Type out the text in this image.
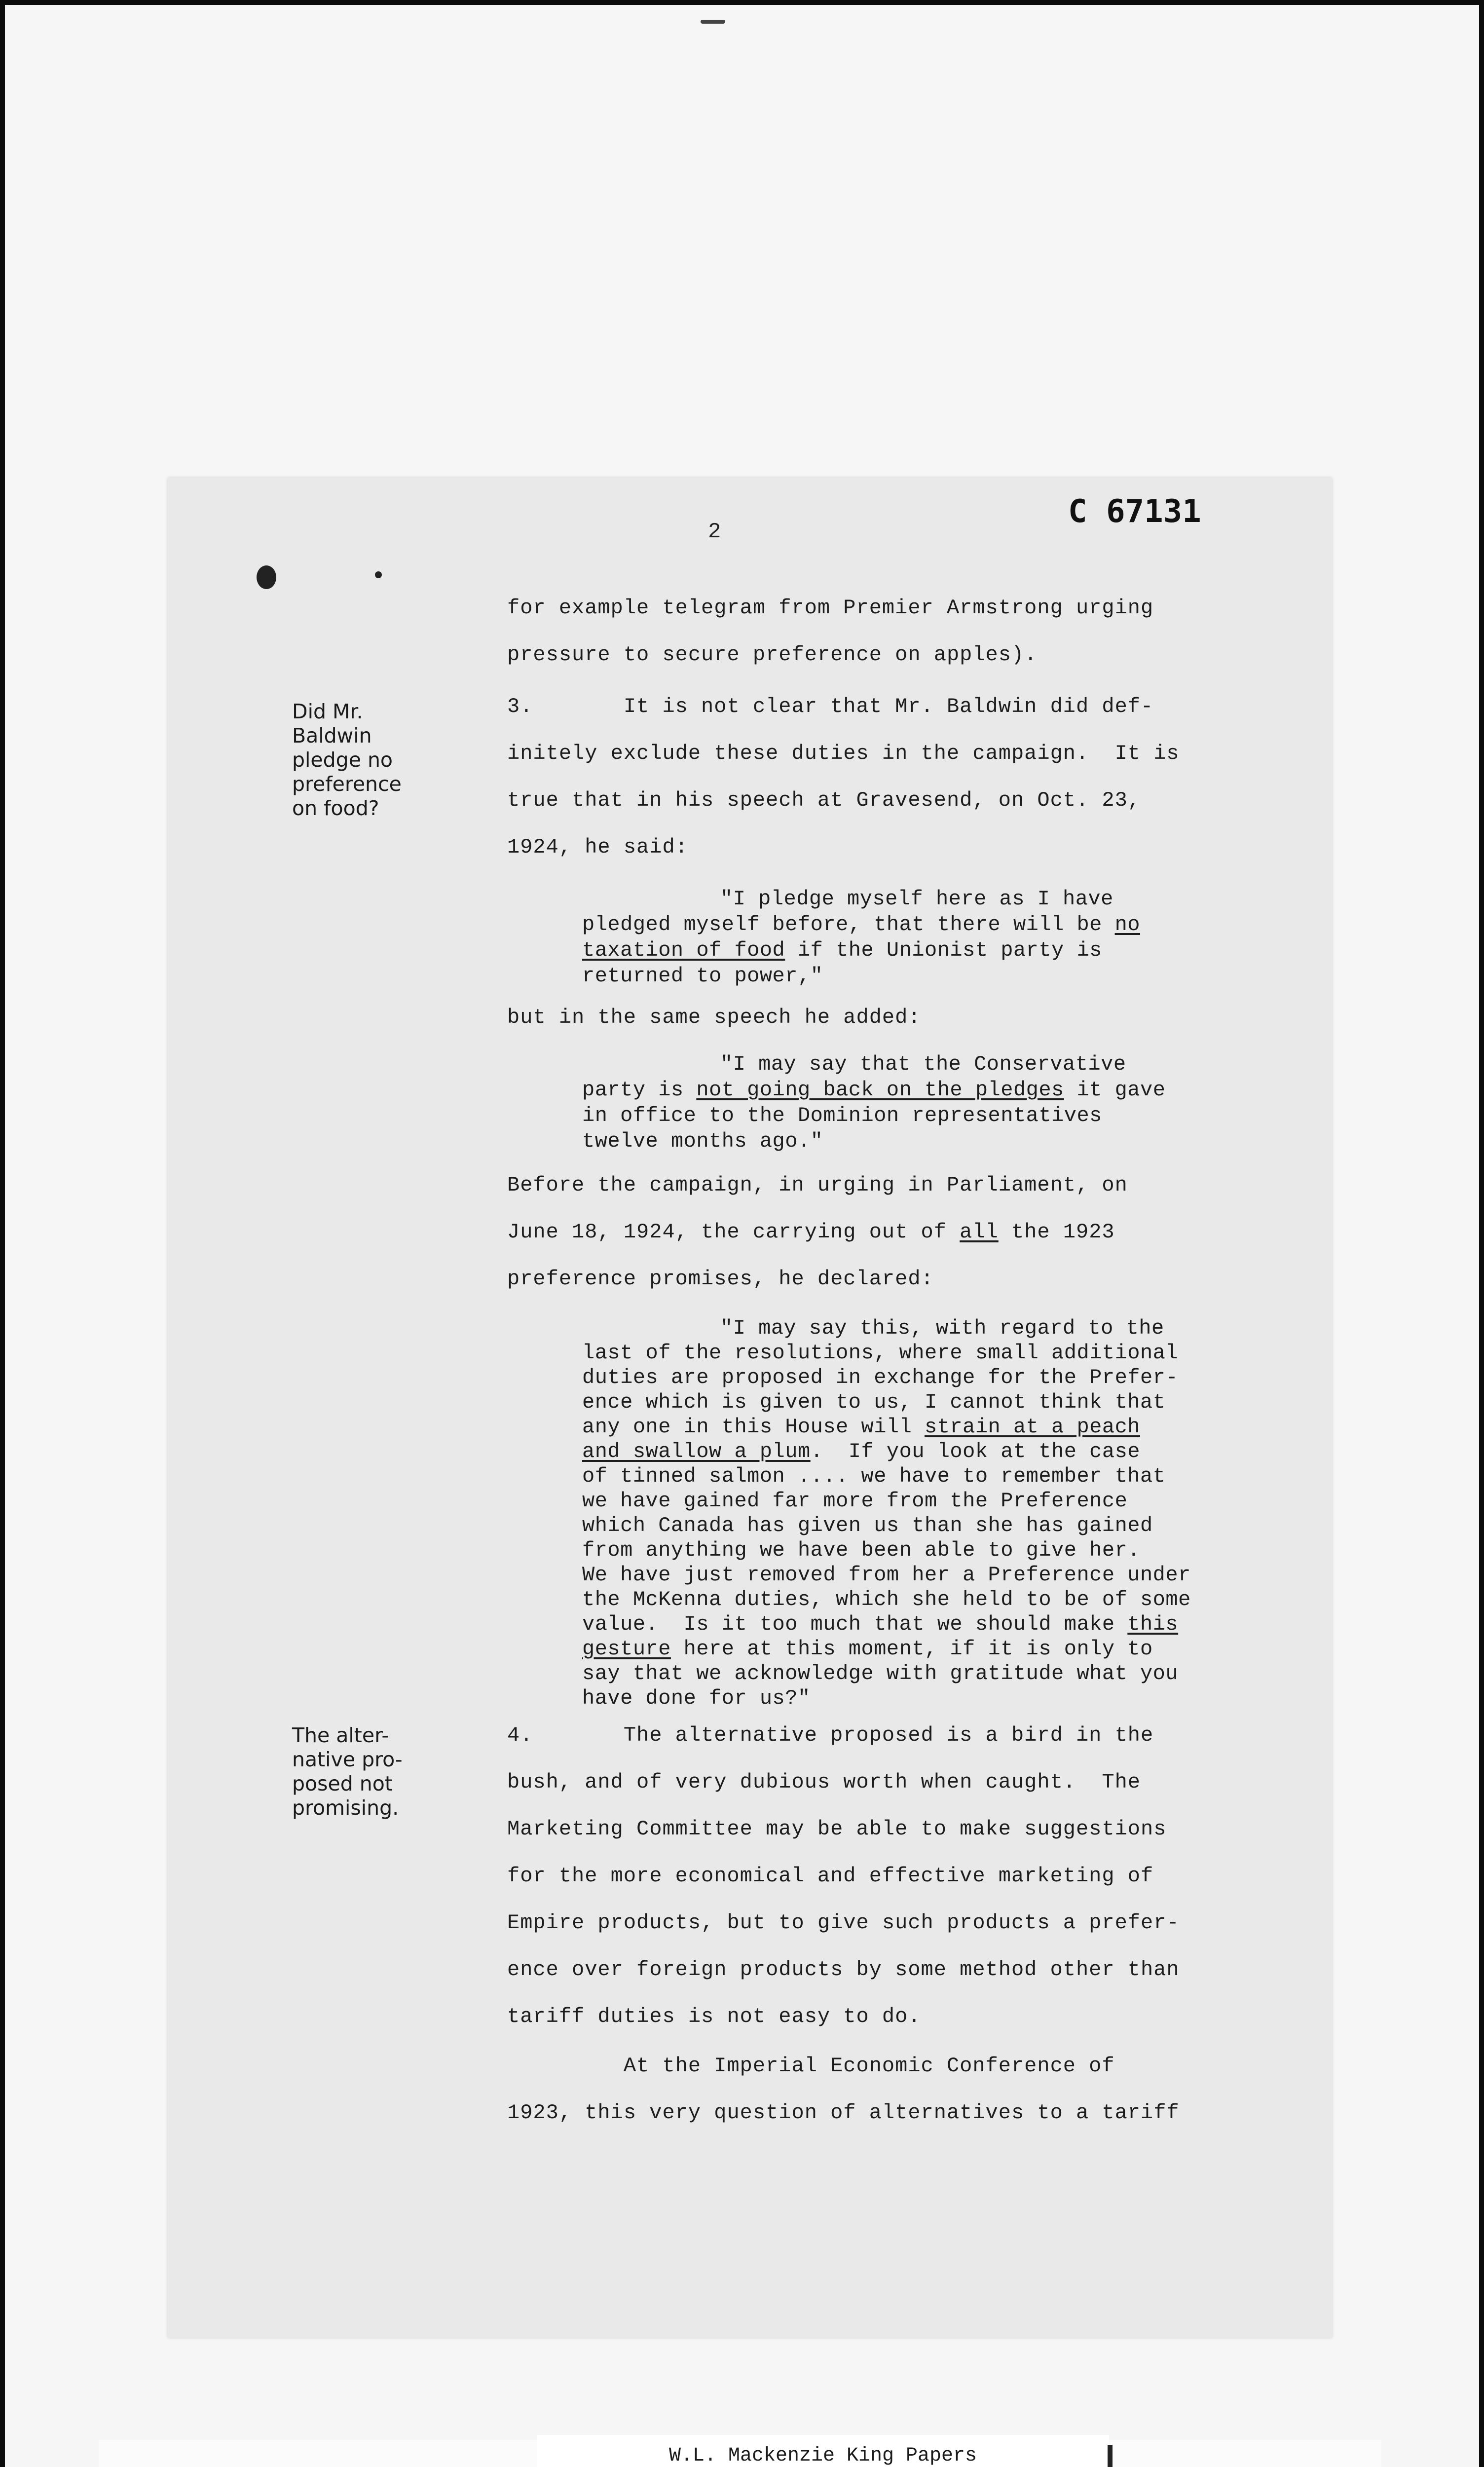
C 67131
2
Did Mr.
Baldwin
pledge no
preference
on food?
The alter-
native pro-
posed not
promising.
for example telegram from Premier Armstrong urging
pressure to secure preference on apples).
3.       It is not clear that Mr. Baldwin did def-
initely exclude these duties in the campaign.  It is
true that in his speech at Gravesend, on Oct. 23,
1924, he said:
"I pledge myself here as I have
pledged myself before, that there will be no
taxation of food if the Unionist party is
returned to power,"
but in the same speech he added:
"I may say that the Conservative
party is not going back on the pledges it gave
in office to the Dominion representatives
twelve months ago."
Before the campaign, in urging in Parliament, on
June 18, 1924, the carrying out of all the 1923
preference promises, he declared:
"I may say this, with regard to the
last of the resolutions, where small additional
duties are proposed in exchange for the Prefer-
ence which is given to us, I cannot think that
any one in this House will strain at a peach
and swallow a plum.  If you look at the case
of tinned salmon .... we have to remember that
we have gained far more from the Preference
which Canada has given us than she has gained
from anything we have been able to give her.
We have just removed from her a Preference under
the McKenna duties, which she held to be of some
value.  Is it too much that we should make this
gesture here at this moment, if it is only to
say that we acknowledge with gratitude what you
have done for us?"
4.       The alternative proposed is a bird in the
bush, and of very dubious worth when caught.  The
Marketing Committee may be able to make suggestions
for the more economical and effective marketing of
Empire products, but to give such products a prefer-
ence over foreign products by some method other than
tariff duties is not easy to do.
At the Imperial Economic Conference of
1923, this very question of alternatives to a tariff
W.L. Mackenzie King Papers
